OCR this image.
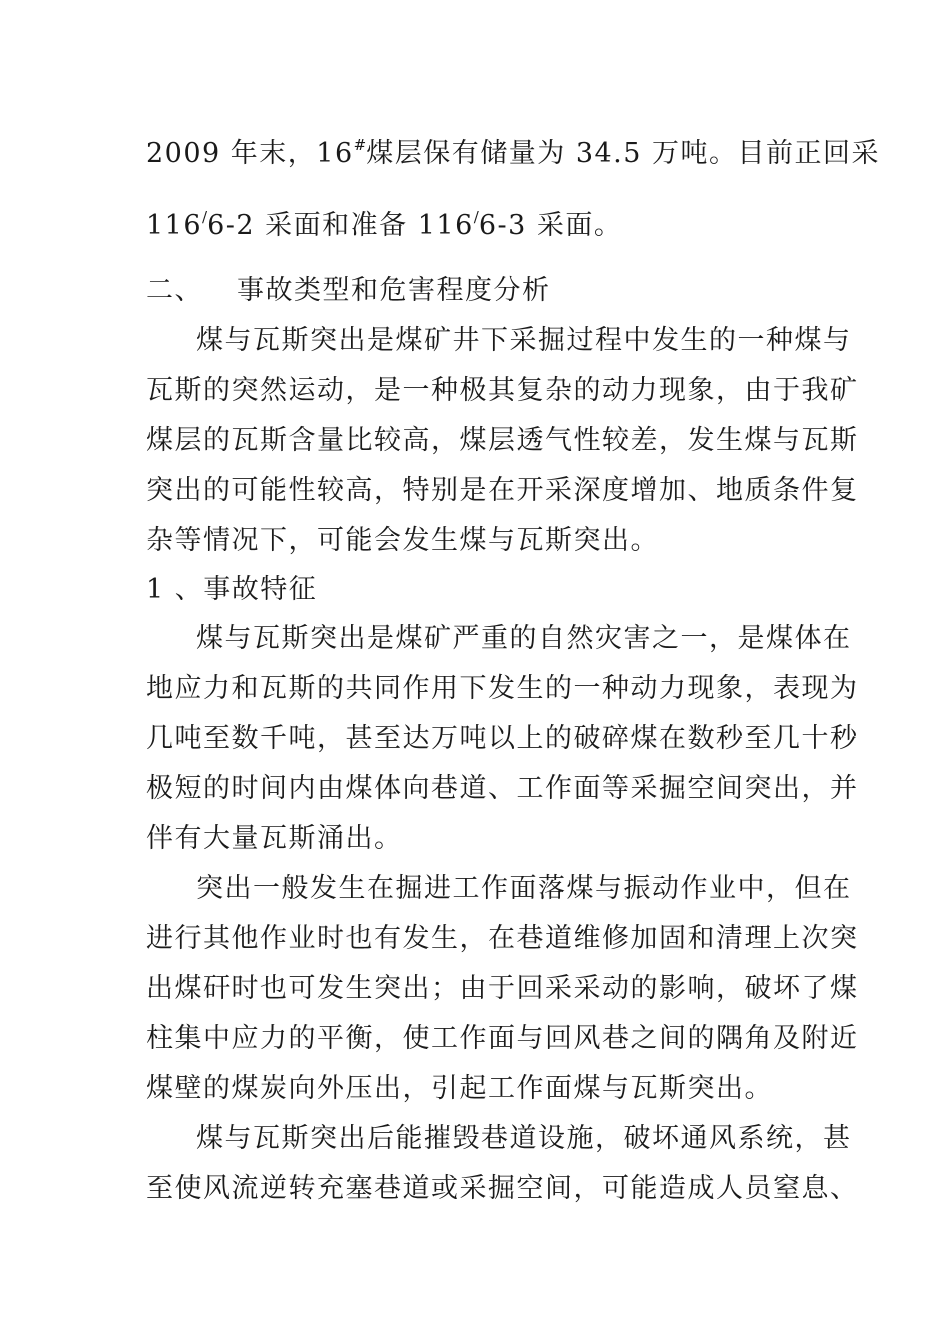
2009 年末，16#煤层保有储量为 34.5 万吨。目前正回采
116/6-2 采面和准备 116/6-3 采面。
二、 事故类型和危害程度分析
煤与瓦斯突出是煤矿井下采掘过程中发生的一种煤与
瓦斯的突然运动，是一种极其复杂的动力现象，由于我矿
煤层的瓦斯含量比较高，煤层透气性较差，发生煤与瓦斯
突出的可能性较高，特别是在开采深度增加、地质条件复
杂等情况下，可能会发生煤与瓦斯突出。
1 、事故特征
煤与瓦斯突出是煤矿严重的自然灾害之一，是煤体在
地应力和瓦斯的共同作用下发生的一种动力现象，表现为
几吨至数千吨，甚至达万吨以上的破碎煤在数秒至几十秒
极短的时间内由煤体向巷道、工作面等采掘空间突出，并
伴有大量瓦斯涌出。
突出一般发生在掘进工作面落煤与振动作业中，但在
进行其他作业时也有发生，在巷道维修加固和清理上次突
出煤矸时也可发生突出；由于回采采动的影响，破坏了煤
柱集中应力的平衡，使工作面与回风巷之间的隅角及附近
煤壁的煤炭向外压出，引起工作面煤与瓦斯突出。
煤与瓦斯突出后能摧毁巷道设施，破坏通风系统，甚
至使风流逆转充塞巷道或采掘空间，可能造成人员窒息、
